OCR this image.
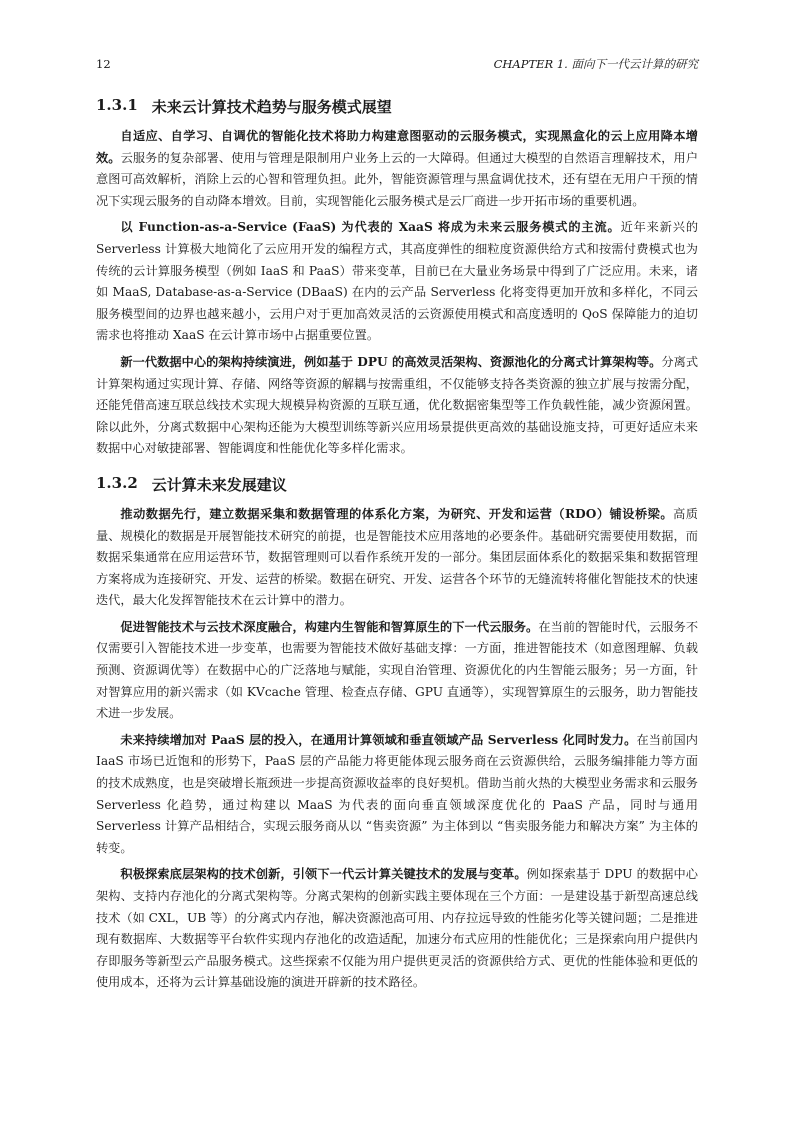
12	CHAPTER 1. 面向下一代云计算的研究
1.3.1 未来云计算技术趋势与服务模式展望

自适应、自学习、自调优的智能化技术将助力构建意图驱动的云服务模式，实现黑盒化的云上应用降本增效。云服务的复杂部署、使用与管理是限制用户业务上云的一大障碍。但通过大模型的自然语言理解技术，用户意图可高效解析，消除上云的心智和管理负担。此外，智能资源管理与黑盒调优技术，还有望在无用户干预的情况下实现云服务的自动降本增效。目前，实现智能化云服务模式是云厂商进一步开拓市场的重要机遇。

以 Function-as-a-Service (FaaS) 为代表的 XaaS 将成为未来云服务模式的主流。近年来新兴的 Serverless 计算极大地简化了云应用开发的编程方式，其高度弹性的细粒度资源供给方式和按需付费模式也为传统的云计算服务模型（例如 IaaS 和 PaaS）带来变革，目前已在大量业务场景中得到了广泛应用。未来，诸如 MaaS, Database-as-a-Service (DBaaS) 在内的云产品 Serverless 化将变得更加开放和多样化，不同云服务模型间的边界也越来越小，云用户对于更加高效灵活的云资源使用模式和高度透明的 QoS 保障能力的迫切需求也将推动 XaaS 在云计算市场中占据重要位置。

新一代数据中心的架构持续演进，例如基于 DPU 的高效灵活架构、资源池化的分离式计算架构等。分离式计算架构通过实现计算、存储、网络等资源的解耦与按需重组，不仅能够支持各类资源的独立扩展与按需分配，还能凭借高速互联总线技术实现大规模异构资源的互联互通，优化数据密集型等工作负载性能，减少资源闲置。除以此外，分离式数据中心架构还能为大模型训练等新兴应用场景提供更高效的基础设施支持，可更好适应未来数据中心对敏捷部署、智能调度和性能优化等多样化需求。

1.3.2 云计算未来发展建议

推动数据先行，建立数据采集和数据管理的体系化方案，为研究、开发和运营（RDO）铺设桥梁。高质量、规模化的数据是开展智能技术研究的前提，也是智能技术应用落地的必要条件。基础研究需要使用数据，而数据采集通常在应用运营环节，数据管理则可以看作系统开发的一部分。集团层面体系化的数据采集和数据管理方案将成为连接研究、开发、运营的桥梁。数据在研究、开发、运营各个环节的无缝流转将催化智能技术的快速迭代，最大化发挥智能技术在云计算中的潜力。

促进智能技术与云技术深度融合，构建内生智能和智算原生的下一代云服务。在当前的智能时代，云服务不仅需要引入智能技术进一步变革，也需要为智能技术做好基础支撑：一方面，推进智能技术（如意图理解、负载预测、资源调优等）在数据中心的广泛落地与赋能，实现自治管理、资源优化的内生智能云服务；另一方面，针对智算应用的新兴需求（如 KVcache 管理、检查点存储、GPU 直通等），实现智算原生的云服务，助力智能技术进一步发展。

未来持续增加对 PaaS 层的投入，在通用计算领域和垂直领域产品 Serverless 化同时发力。在当前国内 IaaS 市场已近饱和的形势下，PaaS 层的产品能力将更能体现云服务商在云资源供给，云服务编排能力等方面的技术成熟度，也是突破增长瓶颈进一步提高资源收益率的良好契机。借助当前火热的大模型业务需求和云服务 Serverless 化趋势，通过构建以 MaaS 为代表的面向垂直领域深度优化的 PaaS 产品，同时与通用 Serverless 计算产品相结合，实现云服务商从以 “售卖资源” 为主体到以 “售卖服务能力和解决方案” 为主体的转变。

积极探索底层架构的技术创新，引领下一代云计算关键技术的发展与变革。例如探索基于 DPU 的数据中心架构、支持内存池化的分离式架构等。分离式架构的创新实践主要体现在三个方面：一是建设基于新型高速总线技术（如 CXL，UB 等）的分离式内存池，解决资源池高可用、内存拉远导致的性能劣化等关键问题；二是推进现有数据库、大数据等平台软件实现内存池化的改造适配，加速分布式应用的性能优化；三是探索向用户提供内存即服务等新型云产品服务模式。这些探索不仅能为用户提供更灵活的资源供给方式、更优的性能体验和更低的使用成本，还将为云计算基础设施的演进开辟新的技术路径。
